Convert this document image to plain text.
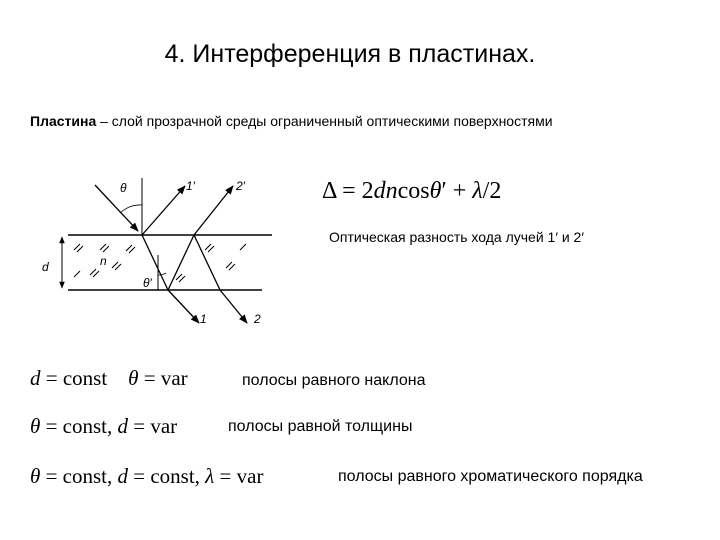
4. Интерференция в пластинах.
Пластина – слой прозрачной среды ограниченный оптическими поверхностями
θ	1′	2′
n
d
θ′
1	2
Δ = 2dncosθ′ + λ/2
Оптическая разность хода лучей 1′ и 2′
d = const    θ = var	полосы равного наклона
θ = const, d = var	полосы равной толщины
θ = const, d = const, λ = var	полосы равного хроматического порядка
